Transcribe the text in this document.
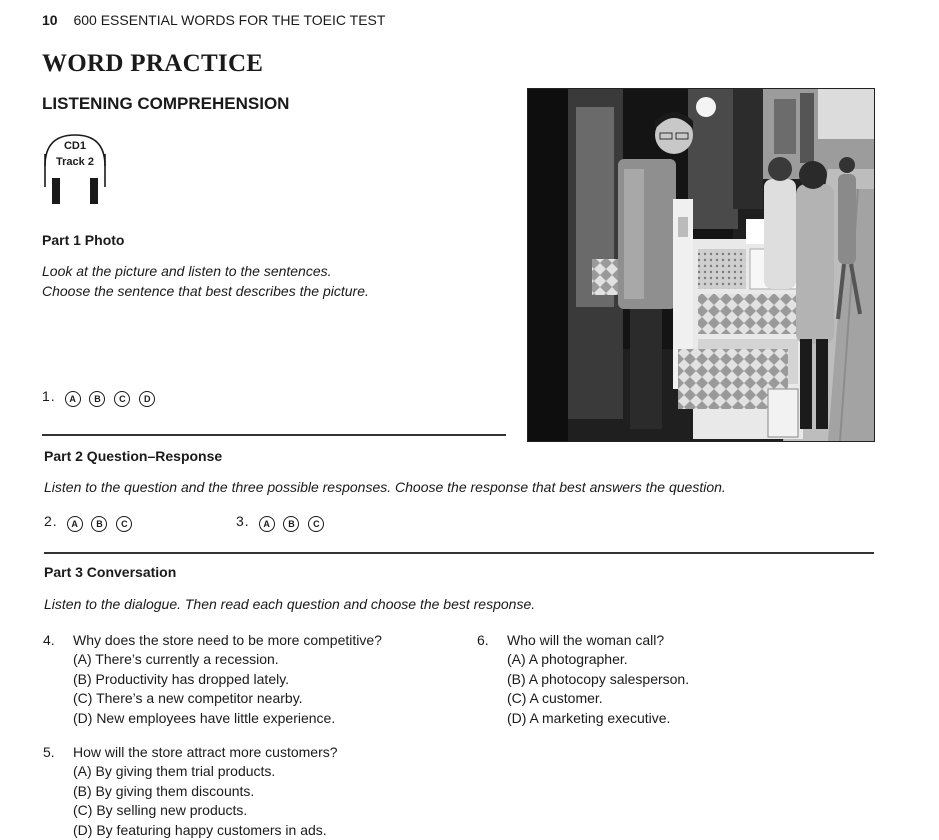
10 600 ESSENTIAL WORDS FOR THE TOEIC TEST
WORD PRACTICE
LISTENING COMPREHENSION
CD1
Track 2
Part 1 Photo
Look at the picture and listen to the sentences.
Choose the sentence that best describes the picture.
1. A B C D
Part 2 Question–Response
Listen to the question and the three possible responses. Choose the response that best answers the question.
2. A B C	3. A B C
Part 3 Conversation
Listen to the dialogue. Then read each question and choose the best response.
4. Why does the store need to be more competitive?
(A) There’s currently a recession.
(B) Productivity has dropped lately.
(C) There’s a new competitor nearby.
(D) New employees have little experience.
5. How will the store attract more customers?
(A) By giving them trial products.
(B) By giving them discounts.
(C) By selling new products.
(D) By featuring happy customers in ads.
6. Who will the woman call?
(A) A photographer.
(B) A photocopy salesperson.
(C) A customer.
(D) A marketing executive.
